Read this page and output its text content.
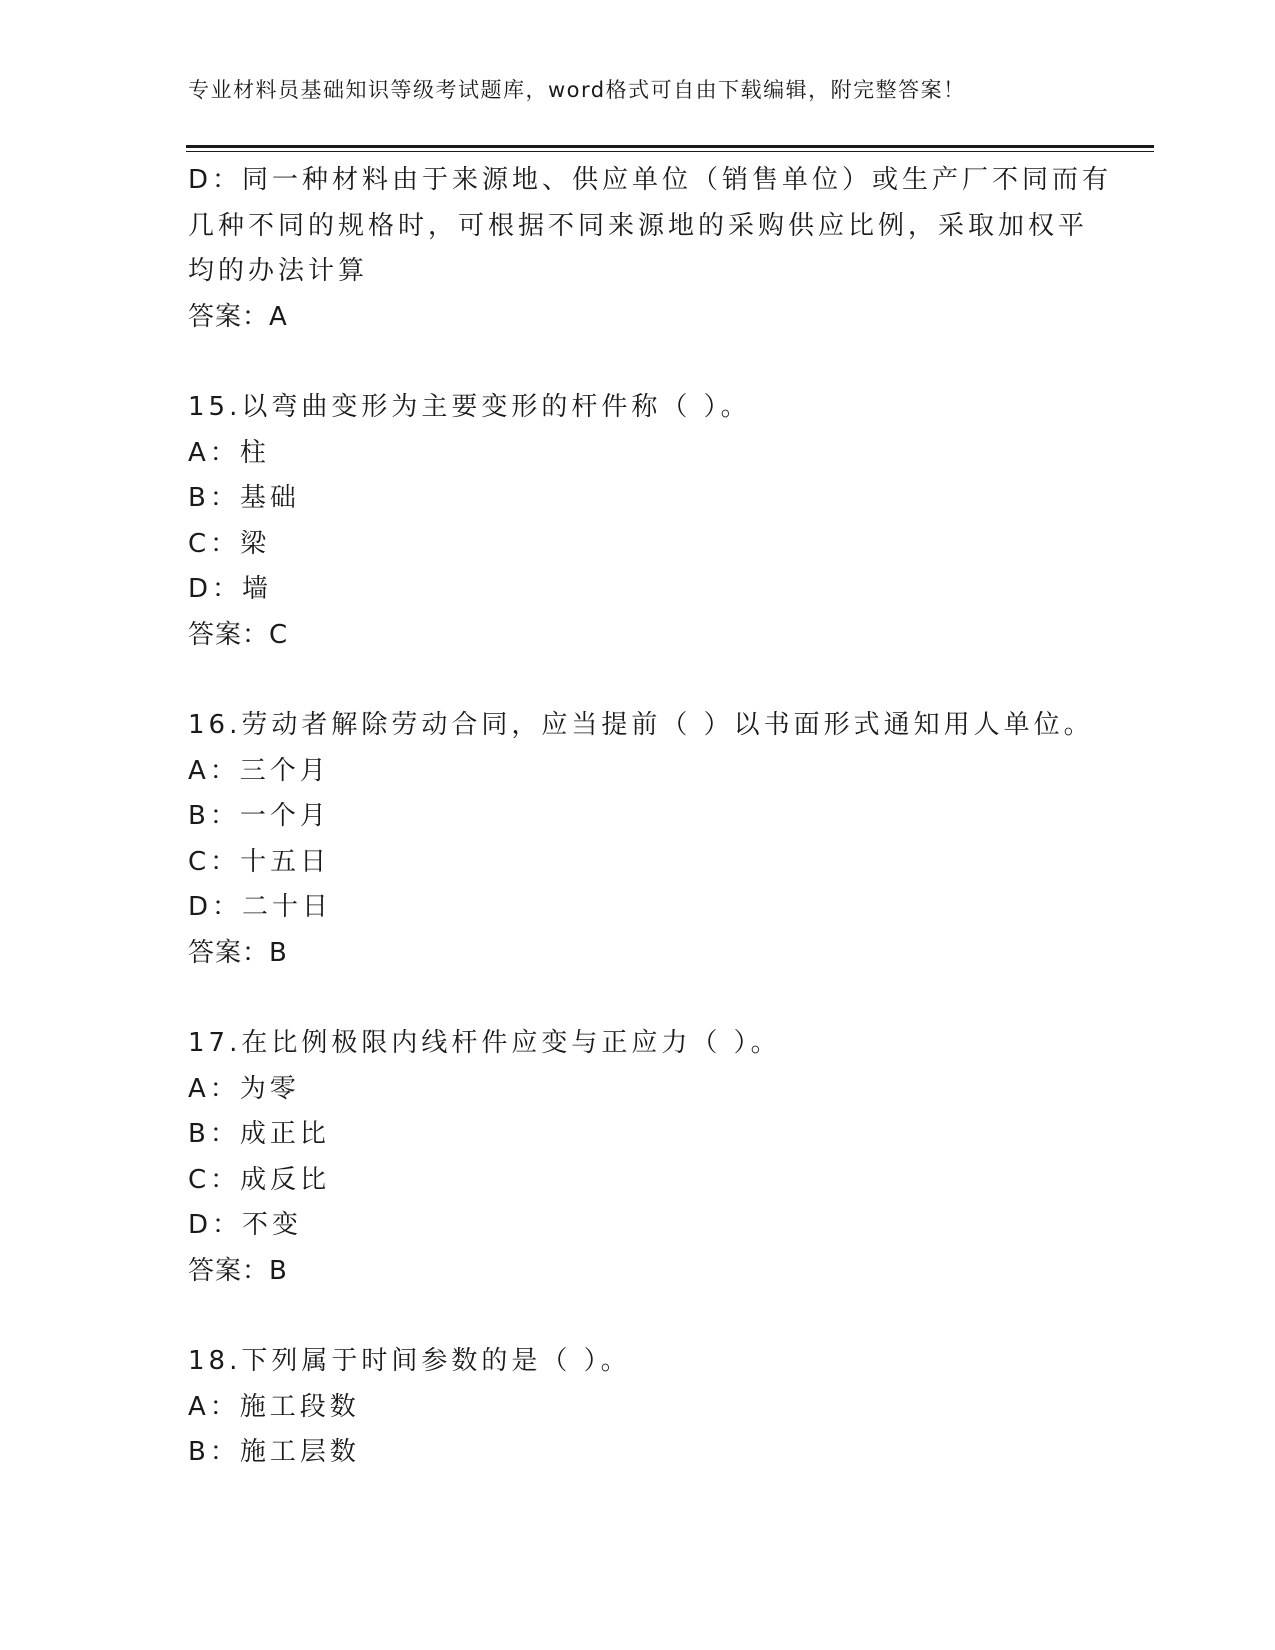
专业材料员基础知识等级考试题库，word格式可自由下载编辑，附完整答案！
D：同一种材料由于来源地、供应单位（销售单位）或生产厂不同而有
几种不同的规格时，可根据不同来源地的采购供应比例，采取加权平
均的办法计算
答案：A
15.以弯曲变形为主要变形的杆件称（ ）。
A：柱
B：基础
C：梁
D：墙
答案：C
16.劳动者解除劳动合同，应当提前（ ）以书面形式通知用人单位。
A：三个月
B：一个月
C：十五日
D：二十日
答案：B
17.在比例极限内线杆件应变与正应力（ ）。
A：为零
B：成正比
C：成反比
D：不变
答案：B
18.下列属于时间参数的是（ ）。
A：施工段数
B：施工层数
